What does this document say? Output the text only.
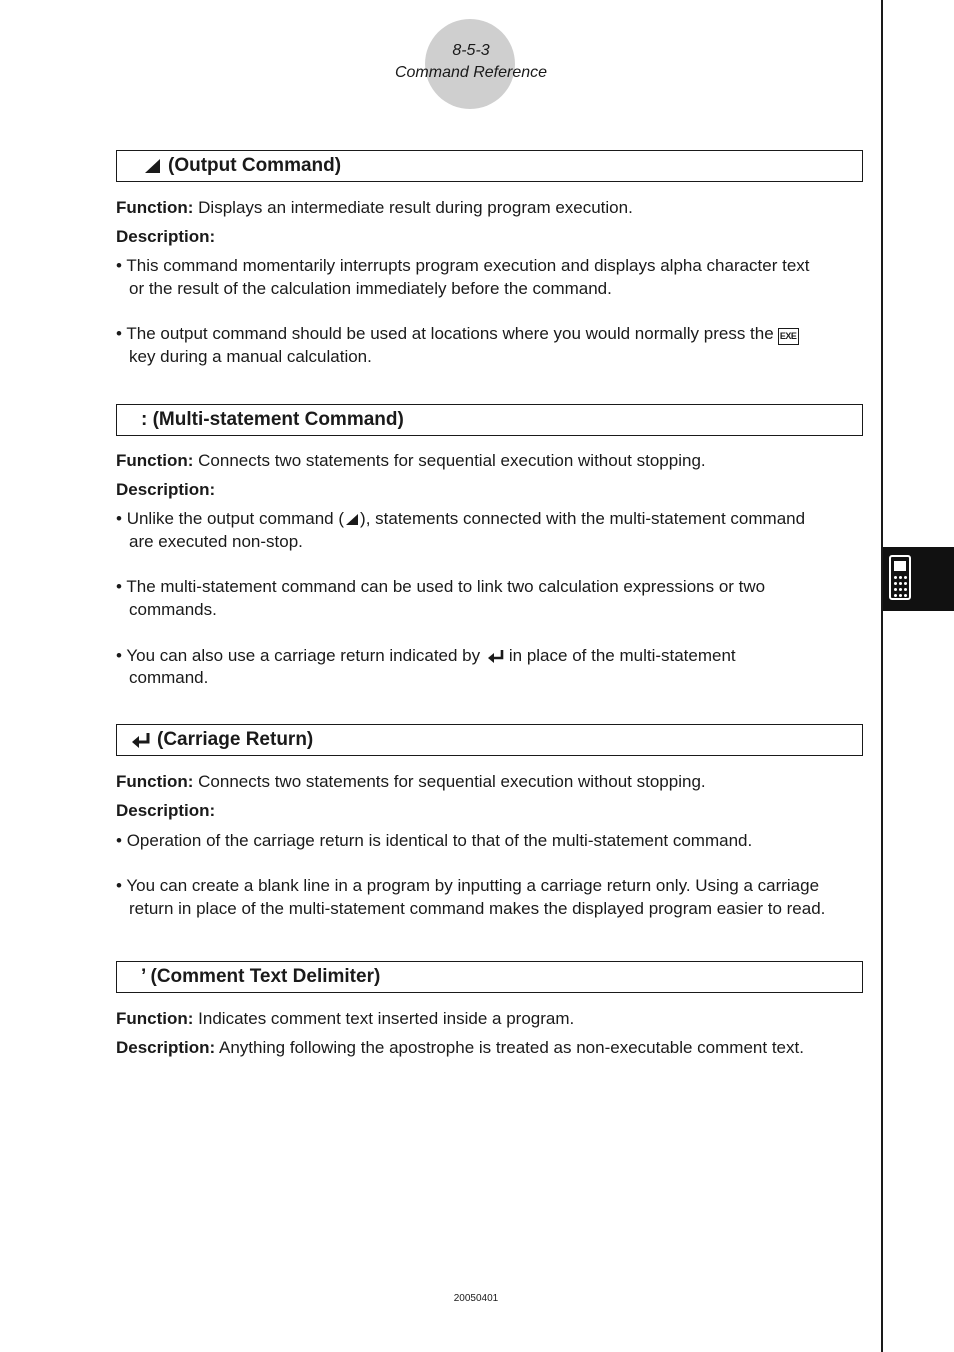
8-5-3
Command Reference
(Output Command)
Function: Displays an intermediate result during program execution.
Description:
• This command momentarily interrupts program execution and displays alpha character text
or the result of the calculation immediately before the command.
• The output command should be used at locations where you would normally press the EXE
key during a manual calculation.
: (Multi-statement Command)
Function: Connects two statements for sequential execution without stopping.
Description:
• Unlike the output command ( ), statements connected with the multi-statement command
are executed non-stop.
• The multi-statement command can be used to link two calculation expressions or two
commands.
• You can also use a carriage return indicated by in place of the multi-statement
command.
(Carriage Return)
Function: Connects two statements for sequential execution without stopping.
Description:
• Operation of the carriage return is identical to that of the multi-statement command.
• You can create a blank line in a program by inputting a carriage return only. Using a carriage
return in place of the multi-statement command makes the displayed program easier to read.
’ (Comment Text Delimiter)
Function: Indicates comment text inserted inside a program.
Description: Anything following the apostrophe is treated as non-executable comment text.
20050401
